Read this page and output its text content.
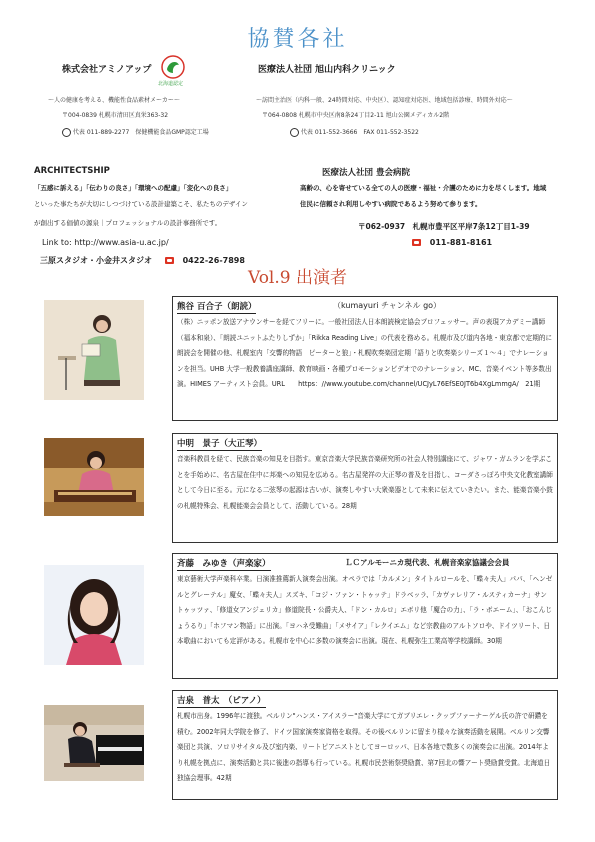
協賛各社
株式会社アミノアップ
北海道認定
～人の健康を考える、機能性食品素材メーカー～
〒004-0839 札幌市清田区真栄363-32
代表 011-889-2277　保健機能食品GMP認定工場
医療法人社団 旭山内科クリニック
～訪問主治医（内科一般、24時間対応、中央区）、認知症対応医、地域包括診療、時間外対応～
〒064-0808 札幌市中央区南8条24丁目2-11 旭山公園メディカル2階
代表 011-552-3666　FAX 011-552-3522
ARCHITECTSHIP
「五感に訴える」「伝わりの良さ」「環境への配慮」「変化への良さ」
といった事たちが大切にしつづけている設計建築こそ、私たちのデザイン
が創出する価値の源泉｜プロフェッショナルの設計事務所です。
Link to: http://www.asia-u.ac.jp/
三原スタジオ・小金井スタジオ	0422-26-7898
医療法人社団 豊会病院
高齢の、心を寄せている全ての人の医療・福祉・介護のために力を尽くします。地域
住民に信頼され利用しやすい病院であるよう努めて参ります。
〒062-0937　札幌市豊平区平岸7条12丁目1-39
011-881-8161
Vol.9 出演者
熊谷 百合子（朗読）	（kumayuri チャンネル go）
（株）ニッポン放送アナウンサーを経てフリーに。一般社団法人日本朗読検定協会プロフェッサー。声の表現アカデミー講師（福本和泉）、「朗読ユニットふたりしずか」「Rikka Reading Live」の代表を務める。札幌市及び道内各地・東京都で定期的に朗読会を開催の他、札幌室内「交響的物語　ピーターと狼」・札幌吹奏楽団定期「語りと吹奏楽シリーズ１～４」でナレーションを担当。UHB 大学一般教養講座講師、教育映画・各種プロモーションビデオでのナレーション、MC、音楽イベント等多数出演。HIMES アーティスト会員。URL　　https：//www.youtube.com/channel/UCJyL76EfSE0JT6b4XgLmmgA/　21期
中明　景子（大正琴）
音楽科教員を経て、民族音楽の知見を目指す。東京音楽大学民族音楽研究所の社会人特別講座にて、ジャワ・ガムランを学ぶことを手始めに、名古屋在住中に邦楽への知見を広める。名古屋発祥の大正琴の普及を目指し、コーダさっぽろ中央文化教室講師として今日に至る。元になる二弦琴の起源は古いが、演奏しやすい大衆楽器として未来に伝えていきたい。また、能楽音楽小鼓の札幌特殊会、札幌能楽会会員として、活動している。28期
斉藤　みゆき（声楽家）	ＬＣアルモーニカ現代表、札幌音楽家協議会会員
東京藝術大学声楽科卒業。日演准推薦新人演奏会出演。オペラでは「カルメン」タイトルロールを、「蝶々夫人」パパ、「ヘンゼルとグレーテル」魔女、「蝶々夫人」スズキ、「コジ・ファン・トゥッテ」ドラベッラ、「カヴァレリア・ルスティカーナ」サントゥッツァ、「修道女アンジェリカ」修道院長・公爵夫人、「ドン・カルロ」エボリ他「魔合の力」、「ラ・ボエーム」、「おこんじょうるり」「ホフマン物語」に出演。「ヨハネ受難曲」「メサイア」「レクイエム」など宗教曲のアルトソロや、ドイツリート、日本歌曲においても定評がある。札幌市を中心に多数の演奏会に出演。現在、札幌弥生工業高等学校講師。30期
吉泉　普太　（ピアノ）
札幌市出身。1996年に渡独。ベルリン"ハンス・アイスラー"音楽大学にてガブリエレ・クップファーナーゲル氏の許で研鑽を積む。2002年同大学院を修了、ドイツ国家演奏家資格を取得。その後ベルリンに留まり様々な演奏活動を展開。ベルリン交響楽団と共演、ソロリサイタル及び室内楽、リートピアニストとしてヨーロッパ、日本各地で数多くの演奏会に出演。2014年より札幌を拠点に、演奏活動と共に後進の指導も行っている。札幌市民芸術祭奨励賞、第7回北の響アート奨励賞受賞。北海道日独協会理事。42期
